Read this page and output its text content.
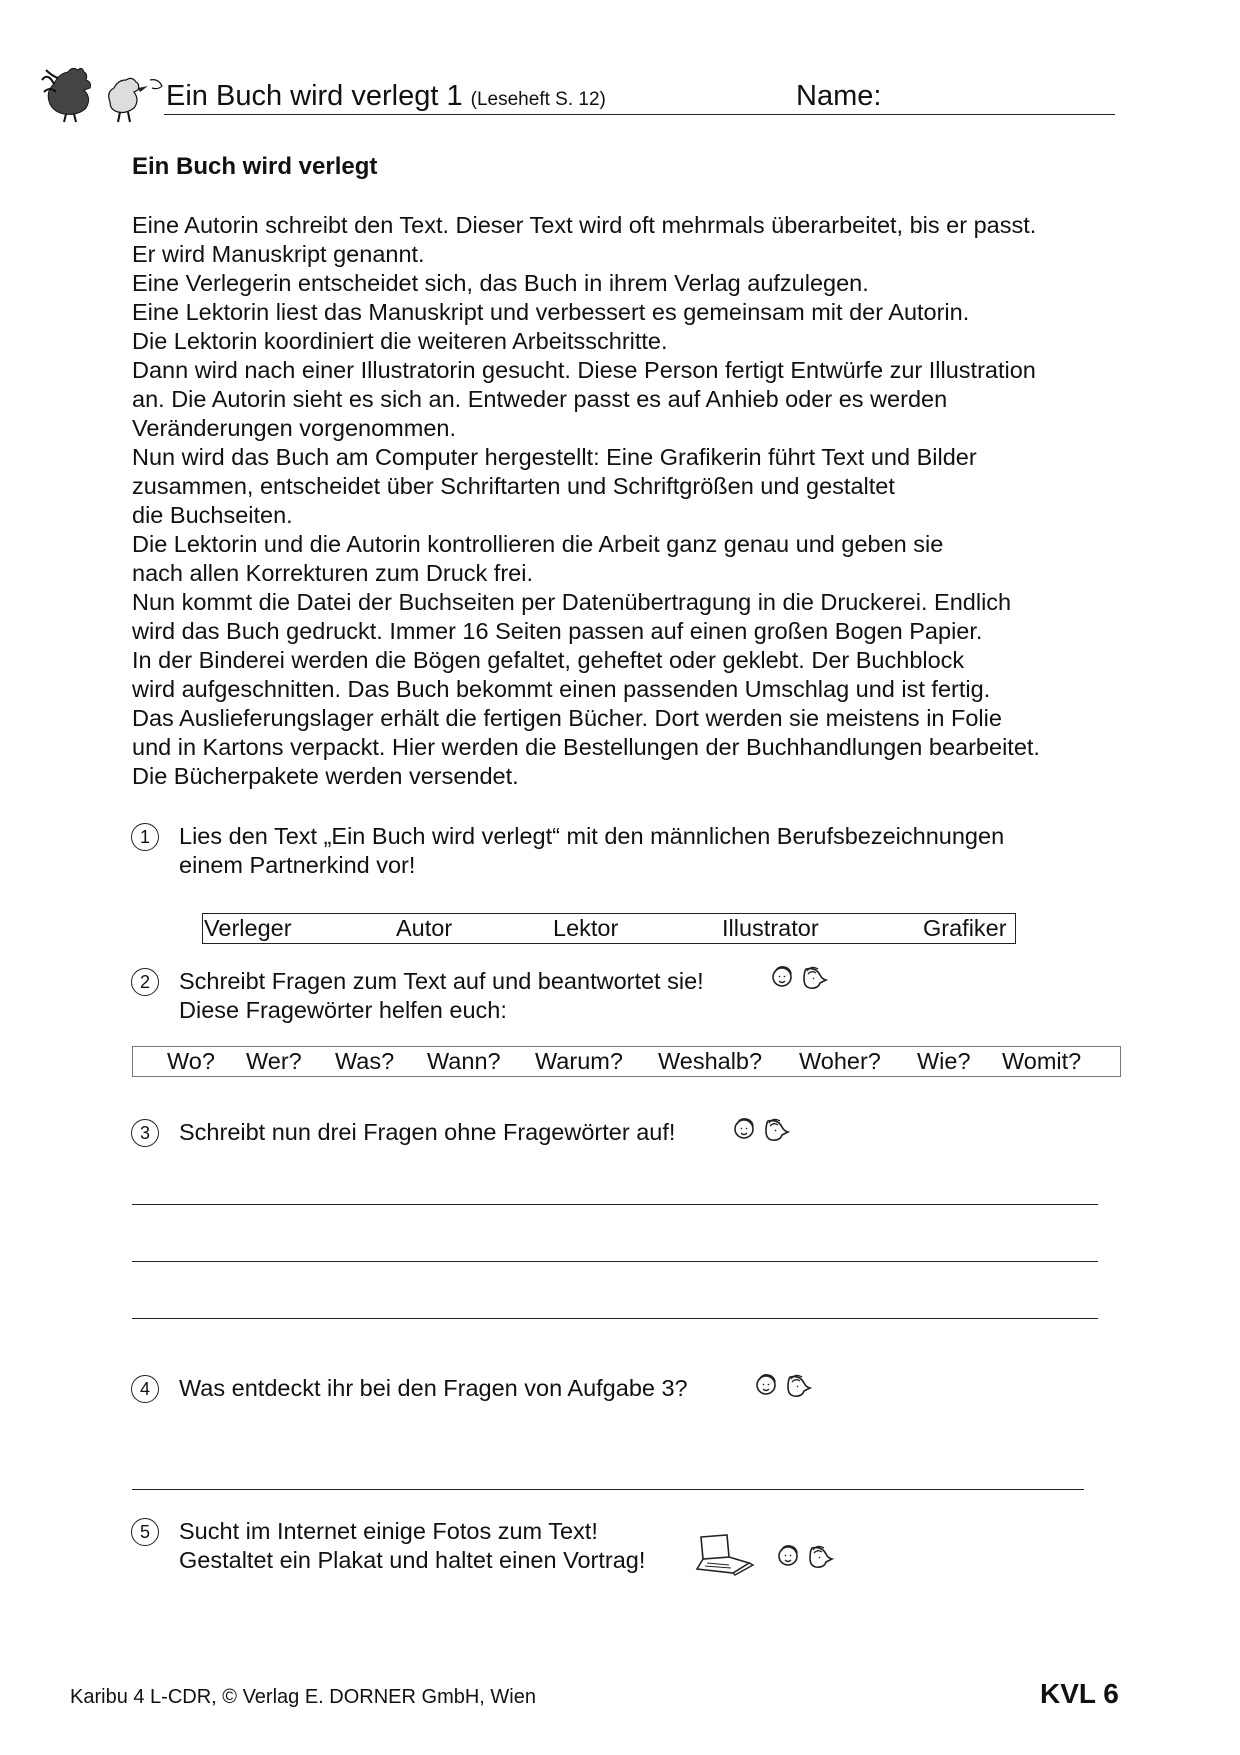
Ein Buch wird verlegt 1 (Leseheft S. 12)	Name:
Ein Buch wird verlegt
Eine Autorin schreibt den Text. Dieser Text wird oft mehrmals überarbeitet, bis er passt.
Er wird Manuskript genannt.
Eine Verlegerin entscheidet sich, das Buch in ihrem Verlag aufzulegen.
Eine Lektorin liest das Manuskript und verbessert es gemeinsam mit der Autorin.
Die Lektorin koordiniert die weiteren Arbeitsschritte.
Dann wird nach einer Illustratorin gesucht. Diese Person fertigt Entwürfe zur Illustration
an. Die Autorin sieht es sich an. Entweder passt es auf Anhieb oder es werden
Veränderungen vorgenommen.
Nun wird das Buch am Computer hergestellt: Eine Grafikerin führt Text und Bilder
zusammen, entscheidet über Schriftarten und Schriftgrößen und gestaltet
die Buchseiten.
Die Lektorin und die Autorin kontrollieren die Arbeit ganz genau und geben sie
nach allen Korrekturen zum Druck frei.
Nun kommt die Datei der Buchseiten per Datenübertragung in die Druckerei. Endlich
wird das Buch gedruckt. Immer 16 Seiten passen auf einen großen Bogen Papier.
In der Binderei werden die Bögen gefaltet, geheftet oder geklebt. Der Buchblock
wird aufgeschnitten. Das Buch bekommt einen passenden Umschlag und ist fertig.
Das Auslieferungslager erhält die fertigen Bücher. Dort werden sie meistens in Folie
und in Kartons verpackt. Hier werden die Bestellungen der Buchhandlungen bearbeitet.
Die Bücherpakete werden versendet.
1	Lies den Text „Ein Buch wird verlegt“ mit den männlichen Berufsbezeichnungen
einem Partnerkind vor!
Verleger	Autor	Lektor	Illustrator	Grafiker
2	Schreibt Fragen zum Text auf und beantwortet sie!
Diese Fragewörter helfen euch:
Wo? Wer? Was? Wann? Warum? Weshalb? Woher? Wie? Womit?
3	Schreibt nun drei Fragen ohne Fragewörter auf!
4	Was entdeckt ihr bei den Fragen von Aufgabe 3?
5	Sucht im Internet einige Fotos zum Text!
Gestaltet ein Plakat und haltet einen Vortrag!
Karibu 4 L-CDR, © Verlag E. DORNER GmbH, Wien	KVL 6
